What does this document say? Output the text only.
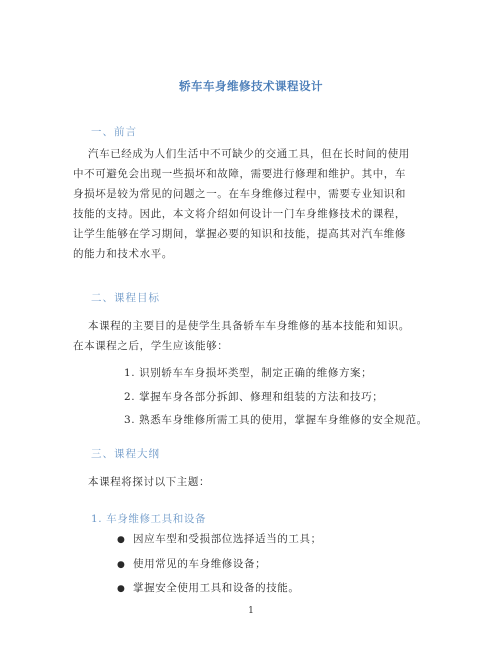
轿车车身维修技术课程设计
一、前言
汽车已经成为人们生活中不可缺少的交通工具，但在长时间的使用
中不可避免会出现一些损坏和故障，需要进行修理和维护。其中，车
身损坏是较为常见的问题之一。在车身维修过程中，需要专业知识和
技能的支持。因此，本文将介绍如何设计一门车身维修技术的课程，
让学生能够在学习期间，掌握必要的知识和技能，提高其对汽车维修
的能力和技术水平。
二、课程目标
本课程的主要目的是使学生具备轿车车身维修的基本技能和知识。
在本课程之后，学生应该能够：
1. 识别轿车车身损坏类型，制定正确的维修方案；
2. 掌握车身各部分拆卸、修理和组装的方法和技巧；
3. 熟悉车身维修所需工具的使用，掌握车身维修的安全规范。
三、课程大纲
本课程将探讨以下主题：
1. 车身维修工具和设备
● 因应车型和受损部位选择适当的工具；
● 使用常见的车身维修设备；
● 掌握安全使用工具和设备的技能。
1
